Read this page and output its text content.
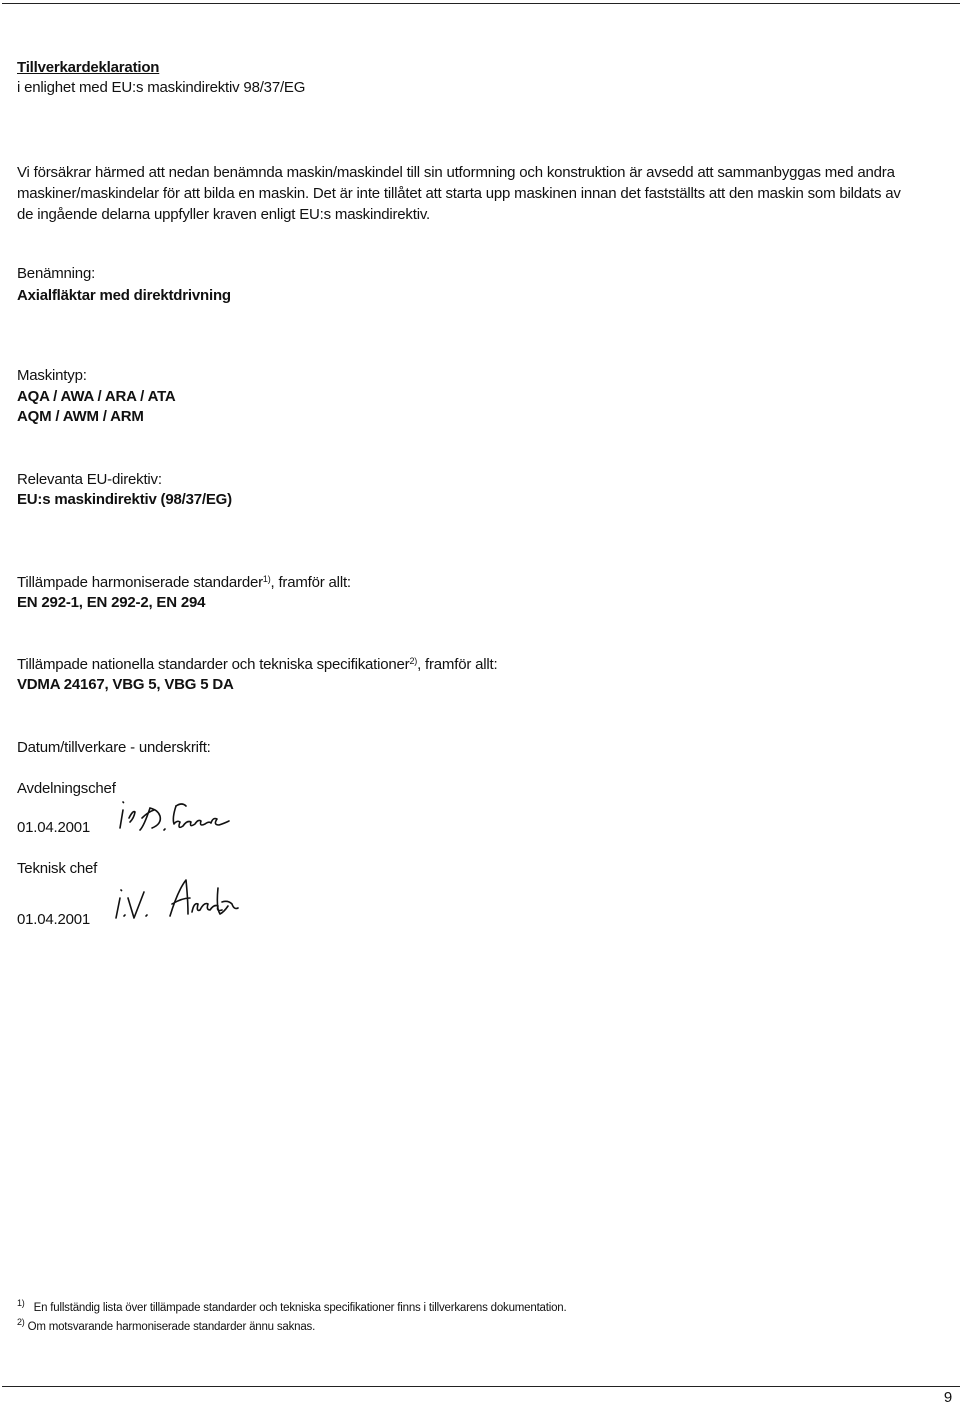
Tillverkardeklaration
i enlighet med EU:s maskindirektiv 98/37/EG
Vi försäkrar härmed att nedan benämnda maskin/maskindel till sin utformning och konstruktion är avsedd att sammanbyggas med andra maskiner/maskindelar för att bilda en maskin. Det är inte tillåtet att starta upp maskinen innan det fastställts att den maskin som bildats av de ingående delarna uppfyller kraven enligt EU:s maskindirektiv.
Benämning:
Axialfläktar med direktdrivning
Maskintyp:
AQA / AWA / ARA / ATA
AQM / AWM / ARM
Relevanta EU-direktiv:
EU:s maskindirektiv (98/37/EG)
Tillämpade harmoniserade standarder$^{1)}$, framför allt:
EN 292-1, EN 292-2, EN 294
Tillämpade nationella standarder och tekniska specifikationer$^{2)}$, framför allt:
VDMA 24167, VBG 5, VBG 5 DA
Datum/tillverkare - underskrift:
Avdelningschef
01.04.2001
Teknisk chef
01.04.2001
$^{1)}$ En fullständig lista över tillämpade standarder och tekniska specifikationer finns i tillverkarens dokumentation.
$^{2)}$ Om motsvarande harmoniserade standarder ännu saknas.
9
